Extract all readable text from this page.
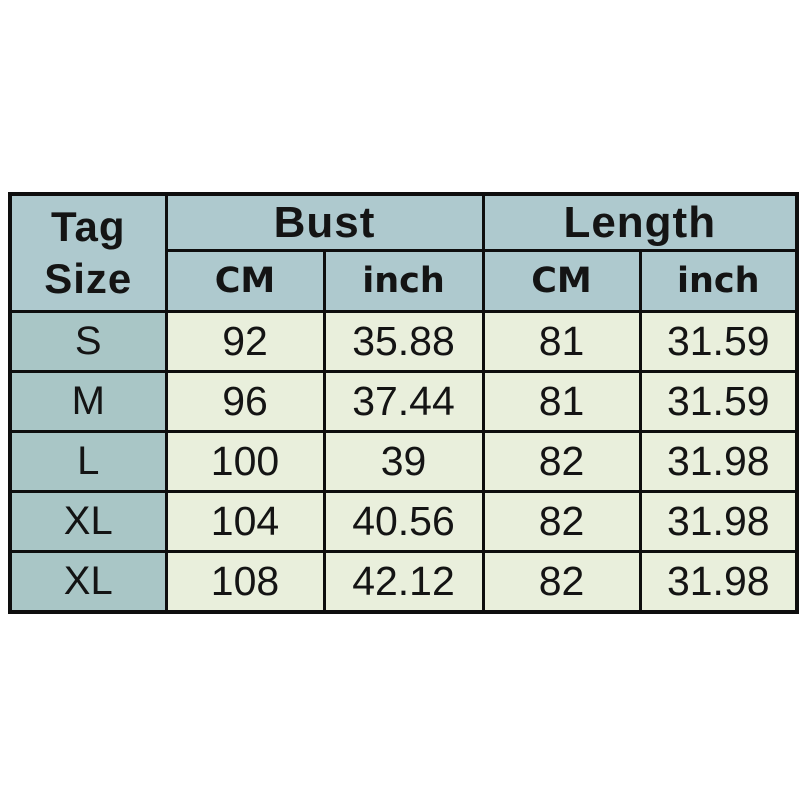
Tag
Size	Bust		Length	
	CM	inch	CM	inch
S	92	35.88	81	31.59
M	96	37.44	81	31.59
L	100	39	82	31.98
XL	104	40.56	82	31.98
XL	108	42.12	82	31.98
